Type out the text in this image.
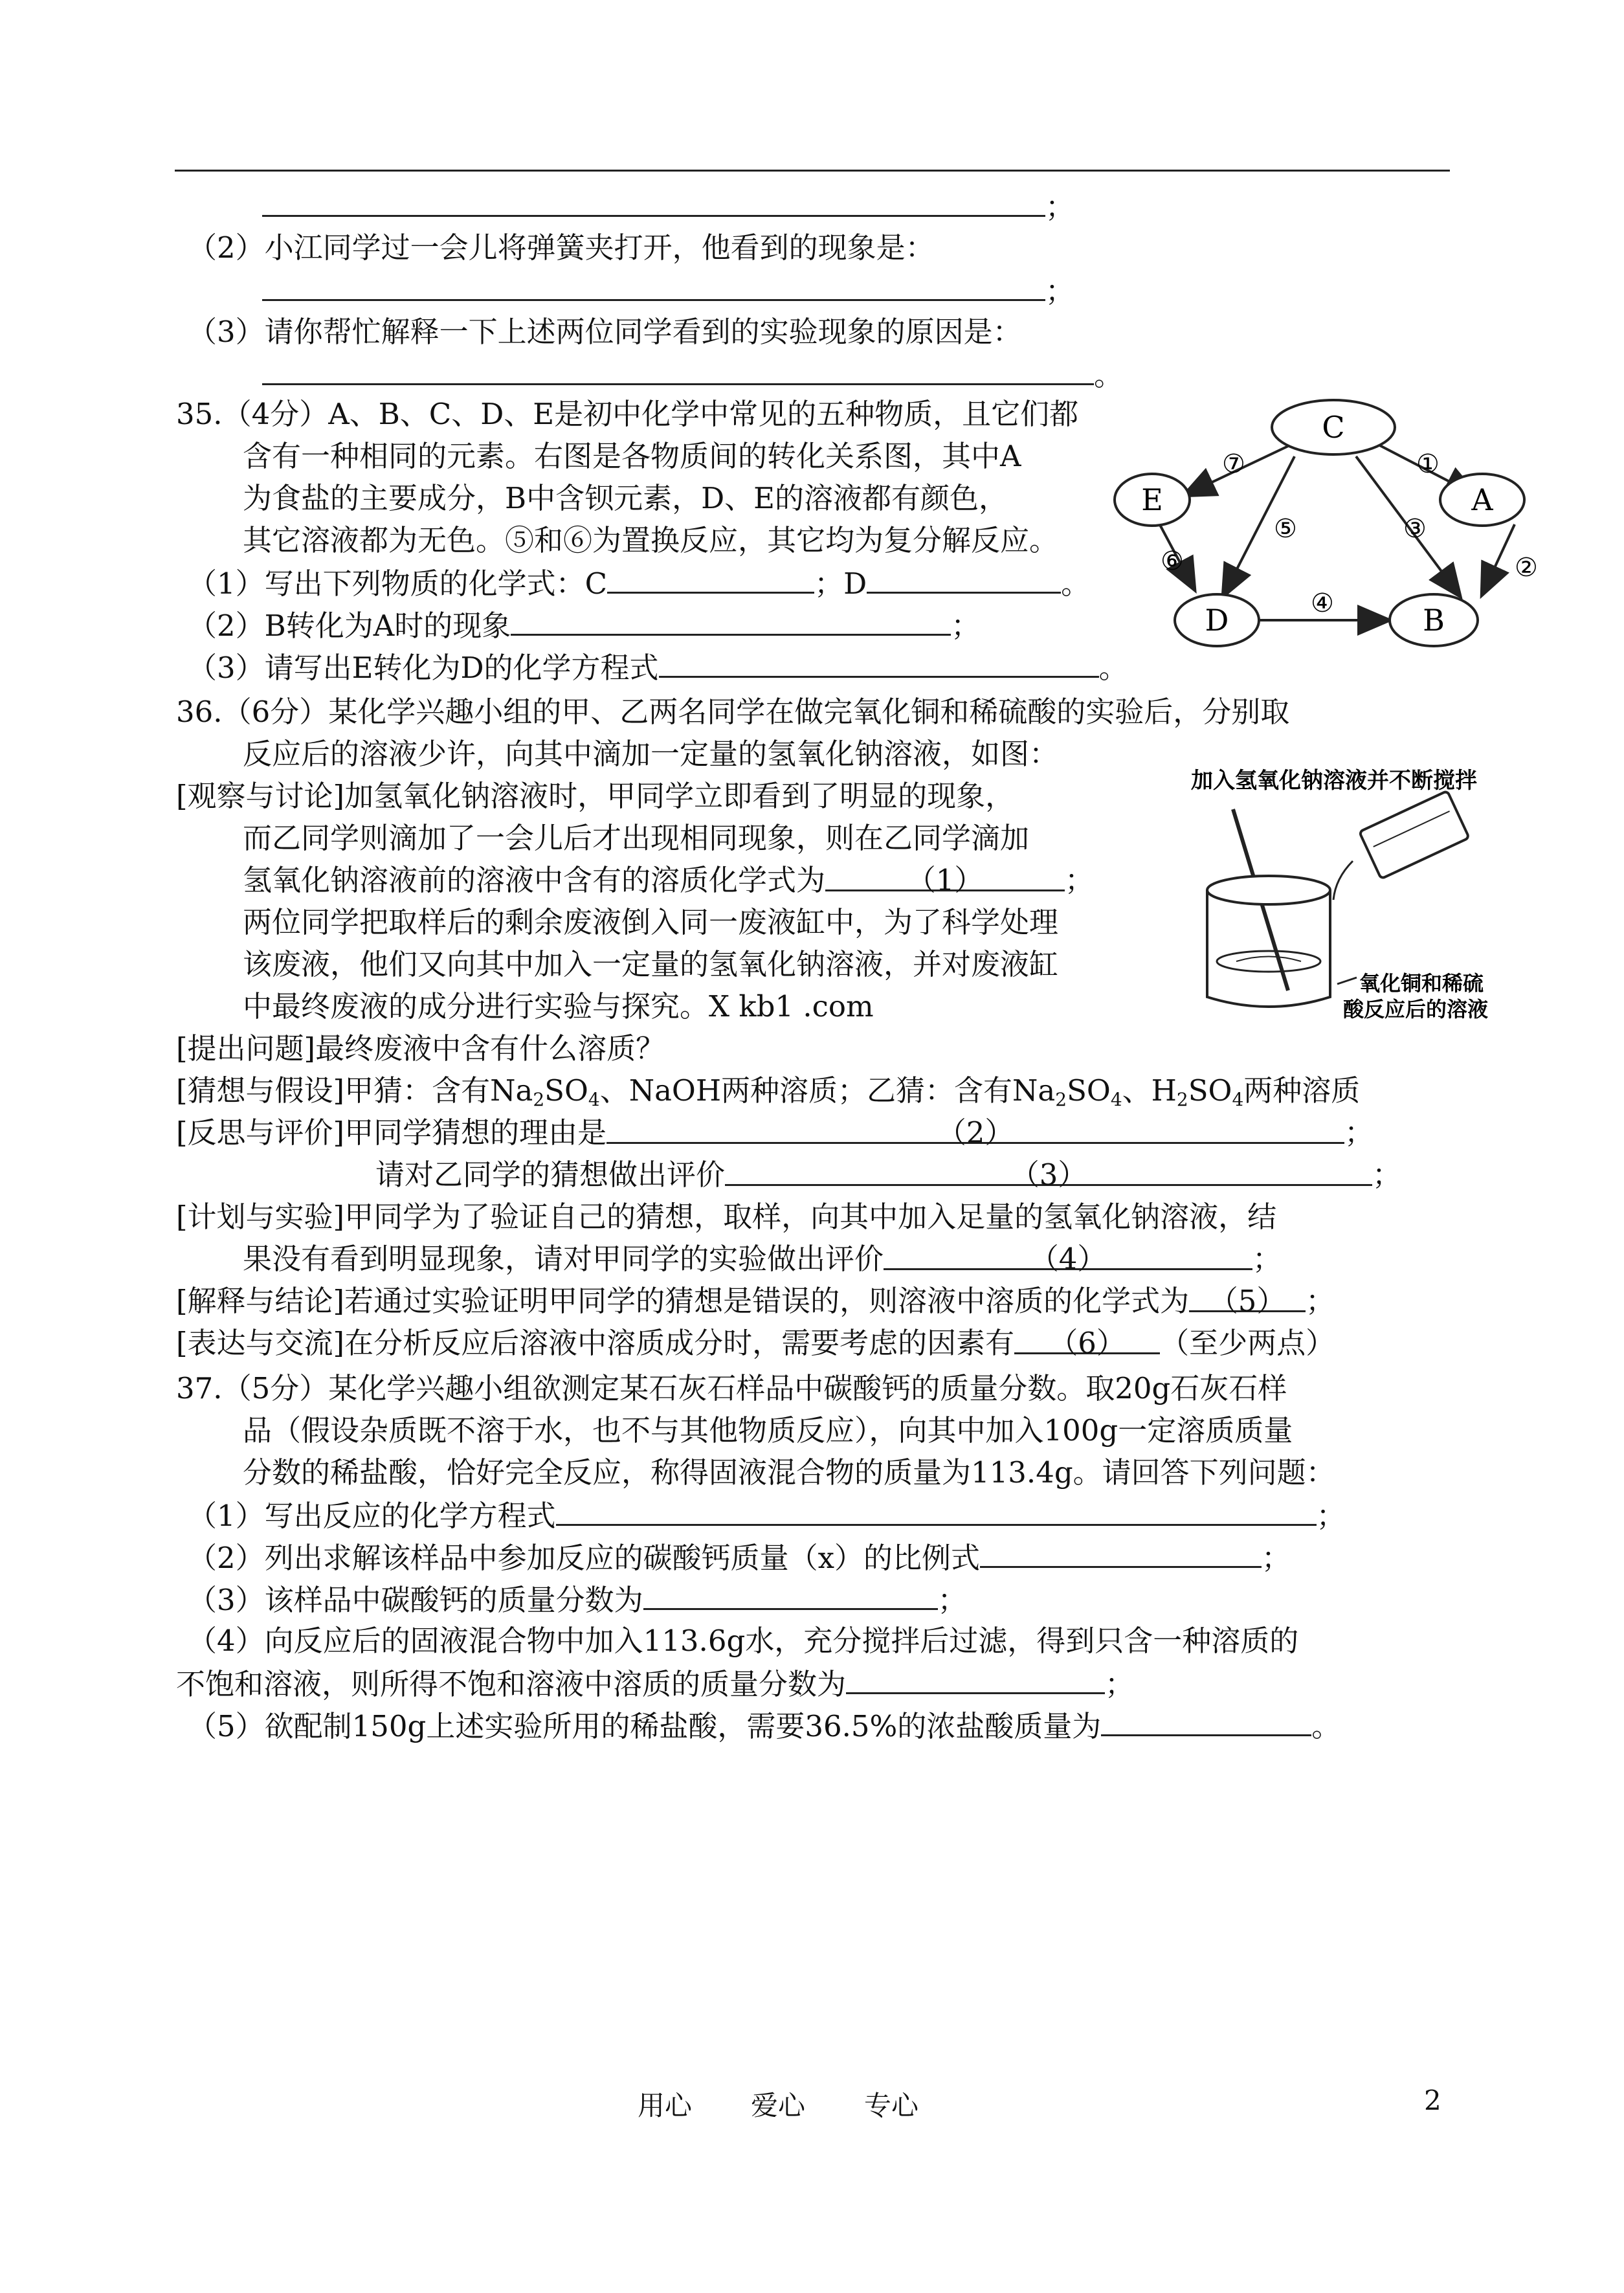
；
（2）小江同学过一会儿将弹簧夹打开，他看到的现象是：
；
（3）请你帮忙解释一下上述两位同学看到的实验现象的原因是：
。
35.（4分）A、B、C、D、E是初中化学中常见的五种物质，且它们都
含有一种相同的元素。右图是各物质间的转化关系图，其中A
为食盐的主要成分，B中含钡元素，D、E的溶液都有颜色，
其它溶液都为无色。⑤和⑥为置换反应，其它均为复分解反应。
（1）写出下列物质的化学式：C	；D	。
（2）B转化为A时的现象	；
（3）请写出E转化为D的化学方程式	。
C
E	A
D	B
⑦	①
⑤	③
⑥
④
②
36.（6分）某化学兴趣小组的甲、乙两名同学在做完氧化铜和稀硫酸的实验后，分别取
反应后的溶液少许，向其中滴加一定量的氢氧化钠溶液，如图：
[观察与讨论]加氢氧化钠溶液时，甲同学立即看到了明显的现象，
而乙同学则滴加了一会儿后才出现相同现象，则在乙同学滴加
氢氧化钠溶液前的溶液中含有的溶质化学式为	（1）	；
两位同学把取样后的剩余废液倒入同一废液缸中，为了科学处理
该废液，他们又向其中加入一定量的氢氧化钠溶液，并对废液缸
中最终废液的成分进行实验与探究。X kb1 .com
加入氢氧化钠溶液并不断搅拌
氧化铜和稀硫
酸反应后的溶液
[提出问题]最终废液中含有什么溶质？
[猜想与假设]甲猜：含有$Na_2SO_4$、NaOH两种溶质；乙猜：含有$Na_2SO_4$、$H_2SO_4$两种溶质
[反思与评价]甲同学猜想的理由是	（2）	；
请对乙同学的猜想做出评价	（3）	；
[计划与实验]甲同学为了验证自己的猜想，取样，向其中加入足量的氢氧化钠溶液，结
果没有看到明显现象，请对甲同学的实验做出评价	（4）	；
[解释与结论]若通过实验证明甲同学的猜想是错误的，则溶液中溶质的化学式为 （5） ；
[表达与交流]在分析反应后溶液中溶质成分时，需要考虑的因素有 （6） （至少两点）
37.（5分）某化学兴趣小组欲测定某石灰石样品中碳酸钙的质量分数。取20g石灰石样
品（假设杂质既不溶于水，也不与其他物质反应），向其中加入100g一定溶质质量
分数的稀盐酸，恰好完全反应，称得固液混合物的质量为113.4g。请回答下列问题：
（1）写出反应的化学方程式	；
（2）列出求解该样品中参加反应的碳酸钙质量（x）的比例式	；
（3）该样品中碳酸钙的质量分数为	；
（4）向反应后的固液混合物中加入113.6g水，充分搅拌后过滤，得到只含一种溶质的
不饱和溶液，则所得不饱和溶液中溶质的质量分数为	；
（5）欲配制150g上述实验所用的稀盐酸，需要36.5%的浓盐酸质量为	。
用心 爱心 专心	2
